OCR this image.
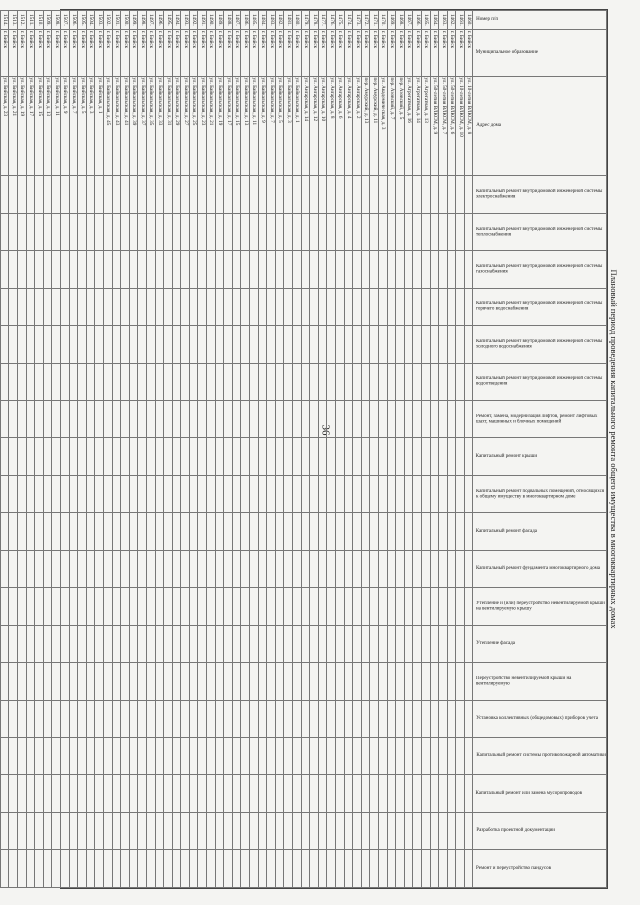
36	Плановый период проведения капитального ремонта общего имущества в многоквартирных домах
Номер п/п	Муниципальное образование	Адрес дома	Капитальный ремонт внутридомовой инженерной системы электроснабжения	Капитальный ремонт внутридомовой инженерной системы теплоснабжения	Капитальный ремонт внутридомовой инженерной системы газоснабжения	Капитальный ремонт внутридомовой инженерной системы горячего водоснабжения	Капитальный ремонт внутридомовой инженерной системы холодного водоснабжения	Капитальный ремонт внутридомовой инженерной системы водоотведения	Ремонт, замена, модернизация лифтов, ремонт лифтовых шахт, машинных и блочных помещений	Капитальный ремонт крыши	Капитальный ремонт подвальных помещений, относящихся к общему имуществу в многоквартирном доме	Капитальный ремонт фасада	Капитальный ремонт фундамента многоквартирного дома	Утепление и (или) переустройство невентилируемой крыши на вентилируемую крышу	Утепление фасада	Переустройство невентилируемой крыши на вентилируемую	Установка коллективных (общедомовых) приборов учета	Капитальный ремонт системы противопожарной автоматики	Капитальный ремонт или замена мусоропроводов	Разработка проектной документации	Ремонт и переустройство пандусов
1460.	г. Бийск	ул. 10-летия ВЛКСМ, д. 8																			
1461.	г. Бийск	ул. 10-летия ВЛКСМ, д. 10																			
1462.	г. Бийск	ул. 50-летия ВЛКСМ, д. 6																			
1463.	г. Бийск	ул. 50-летия ВЛКСМ, д. 7																			
1464.	г. Бийск	ул. 50-летия ВЛКСМ, д. 9																			
1465.	г. Бийск	ул. Агрегатная, д. 13																			
1466.	г. Бийск	ул. Агрегатная, д. 14																			
1467.	г. Бийск	ул. Агрегатная, д. 16																			
1468.	г. Бийск	пер. Азовский, д. 5																			
1469.	г. Бийск	пер. Азовский, д. 7																			
1470.	г. Бийск	ул. Академическая, д. 3																			
1471.	г. Бийск	пер. Амурский, д. 11																			
1472.	г. Бийск	пер. Амурский, д. 13																			
1473.	г. Бийск	ул. Ангарская, д. 2																			
1474.	г. Бийск	ул. Ангарская, д. 4																			
1475.	г. Бийск	ул. Ангарская, д. 6																			
1476.	г. Бийск	ул. Ангарская, д. 8																			
1477.	г. Бийск	ул. Ангарская, д. 10																			
1478.	г. Бийск	ул. Ангарская, д. 12																			
1479.	г. Бийск	ул. Ангарская, д. 14																			
1480.	г. Бийск	ул. Байкальская, д. 1																			
1481.	г. Бийск	ул. Байкальская, д. 3																			
1482.	г. Бийск	ул. Байкальская, д. 5																			
1483.	г. Бийск	ул. Байкальская, д. 7																			
1484.	г. Бийск	ул. Байкальская, д. 9																			
1485.	г. Бийск	ул. Байкальская, д. 11																			
1486.	г. Бийск	ул. Байкальская, д. 13																			
1487.	г. Бийск	ул. Байкальская, д. 15																			
1488.	г. Бийск	ул. Байкальская, д. 17																			
1489.	г. Бийск	ул. Байкальская, д. 19																			
1490.	г. Бийск	ул. Байкальская, д. 21																			
1491.	г. Бийск	ул. Байкальская, д. 23																			
1492.	г. Бийск	ул. Байкальская, д. 25																			
1493.	г. Бийск	ул. Байкальская, д. 27																			
1494.	г. Бийск	ул. Байкальская, д. 29																			
1495.	г. Бийск	ул. Байкальская, д. 31																			
1496.	г. Бийск	ул. Байкальская, д. 33																			
1497.	г. Бийск	ул. Байкальская, д. 35																			
1498.	г. Бийск	ул. Байкальская, д. 37																			
1499.	г. Бийск	ул. Байкальская, д. 39																			
1500.	г. Бийск	ул. Байкальская, д. 41																			
1501.	г. Бийск	ул. Байкальская, д. 43																			
1502.	г. Бийск	ул. Байкальская, д. 45																			
1503.	г. Бийск	ул. Бийская, д. 1																			
1504.	г. Бийск	ул. Бийская, д. 3																			
1505.	г. Бийск	ул. Бийская, д. 5																			
1506.	г. Бийск	ул. Бийская, д. 7																			
1507.	г. Бийск	ул. Бийская, д. 9																			
1508.	г. Бийск	ул. Бийская, д. 11																			
1509.	г. Бийск	ул. Бийская, д. 13																			
1510.	г. Бийск	ул. Бийская, д. 15																			
1511.	г. Бийск	ул. Бийская, д. 17																			
1512.	г. Бийск	ул. Бийская, д. 19																			
1513.	г. Бийск	ул. Бийская, д. 21																			
1514.	г. Бийск	ул. Бийская, д. 23																			
